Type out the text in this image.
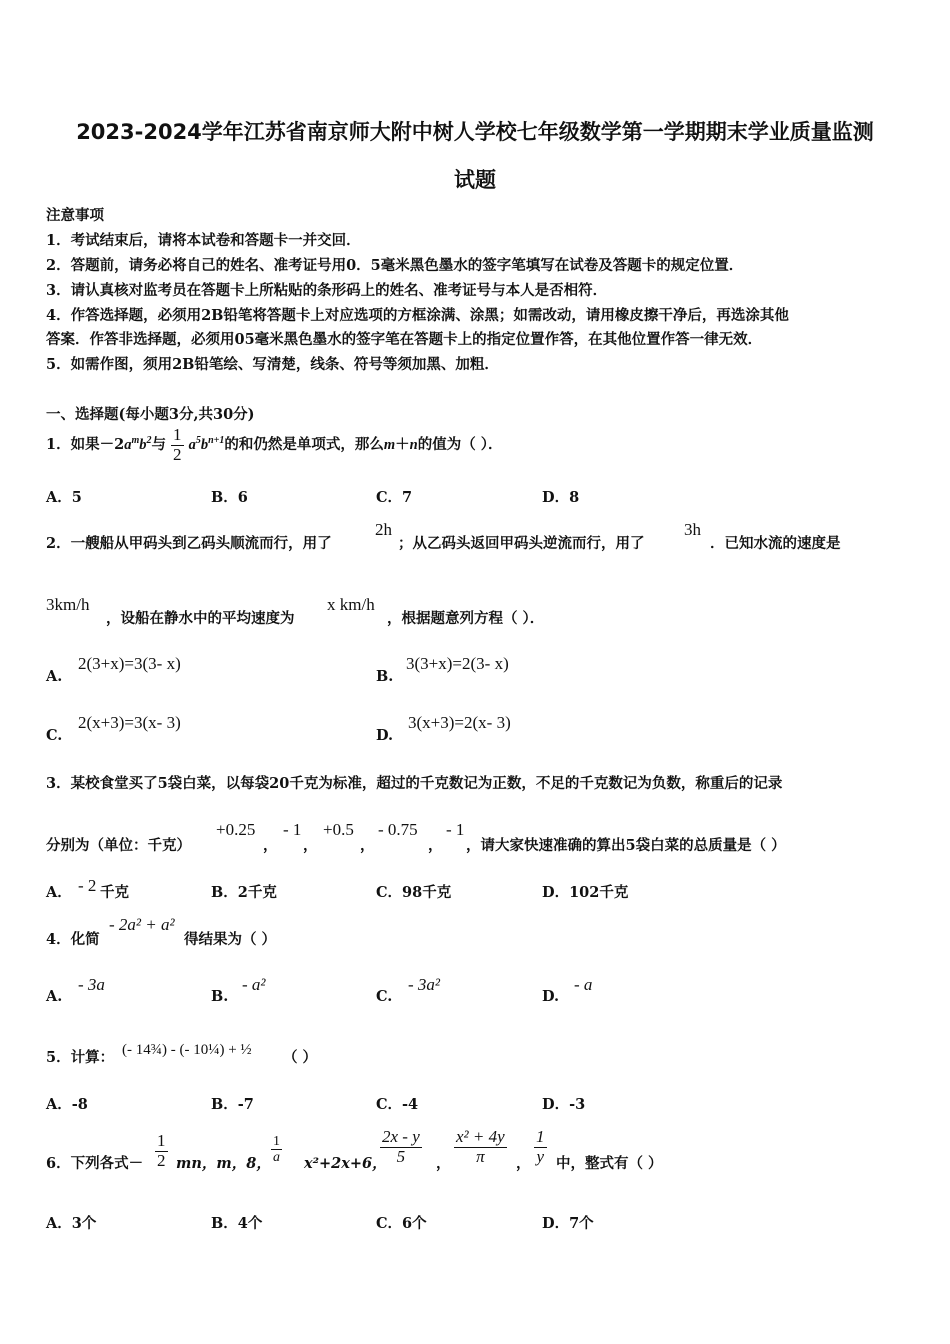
2023-2024学年江苏省南京师大附中树人学校七年级数学第一学期期末学业质量监测
试题
注意事项
1．考试结束后，请将本试卷和答题卡一并交回．
2．答题前，请务必将自己的姓名、准考证号用0．5毫米黑色墨水的签字笔填写在试卷及答题卡的规定位置．
3．请认真核对监考员在答题卡上所粘贴的条形码上的姓名、准考证号与本人是否相符．
4．作答选择题，必须用2B铅笔将答题卡上对应选项的方框涂满、涂黑；如需改动，请用橡皮擦干净后，再选涂其他
答案．作答非选择题，必须用05毫米黑色墨水的签字笔在答题卡上的指定位置作答，在其他位置作答一律无效．
5．如需作图，须用2B铅笔绘、写清楚，线条、符号等须加黑、加粗．
一、选择题(每小题3分,共30分)
1．如果$-2a^mb^2$与 $\frac{1}{2} a^5b^{n+1}$的和仍然是单项式，那么m＋n的值为（ ）．
A．5	B．6	C．7	D．8
2．一艘船从甲码头到乙码头顺流而行，用了
2h
；从乙码头返回甲码头逆流而行，用了
3h
．已知水流的速度是
3km/h
，设船在静水中的平均速度为
x km/h
，根据题意列方程（ ）．
A.
2(3+x)=3(3- x)
B.
3(3+x)=2(3- x)
C.
2(x+3)=3(x- 3)
D.
3(x+3)=2(x- 3)
3．某校食堂买了5袋白菜，以每袋20千克为标准，超过的千克数记为正数，不足的千克数记为负数，称重后的记录
分别为（单位：千克）
+0.25
，
- 1
，
+0.5
，
- 0.75
，
- 1
，请大家快速准确的算出5袋白菜的总质量是（ ）
A． - 2 千克	B．2千克	C．98千克	D．102千克
4．化简
- 2a² + a²
得结果为（ ）
A.
- 3a
B.
- a²
C.
- 3a²
D.
- a
5．计算： (- 14¾) - (- 10¼) + ½ （ ）
A．-8	B．-7	C．-4	D．-3
6．下列各式－ $\frac{1}{2}$ mn，m，8， $\frac{1}{a} x^2+2x+6$，
$\frac{2x - y}{5}$ ， $\frac{\text{x² + 4y}}{\pi}$ ， $\frac{1}{y}$ 中，整式有（ ）
A．3个	B．4个	C．6个	D．7个
